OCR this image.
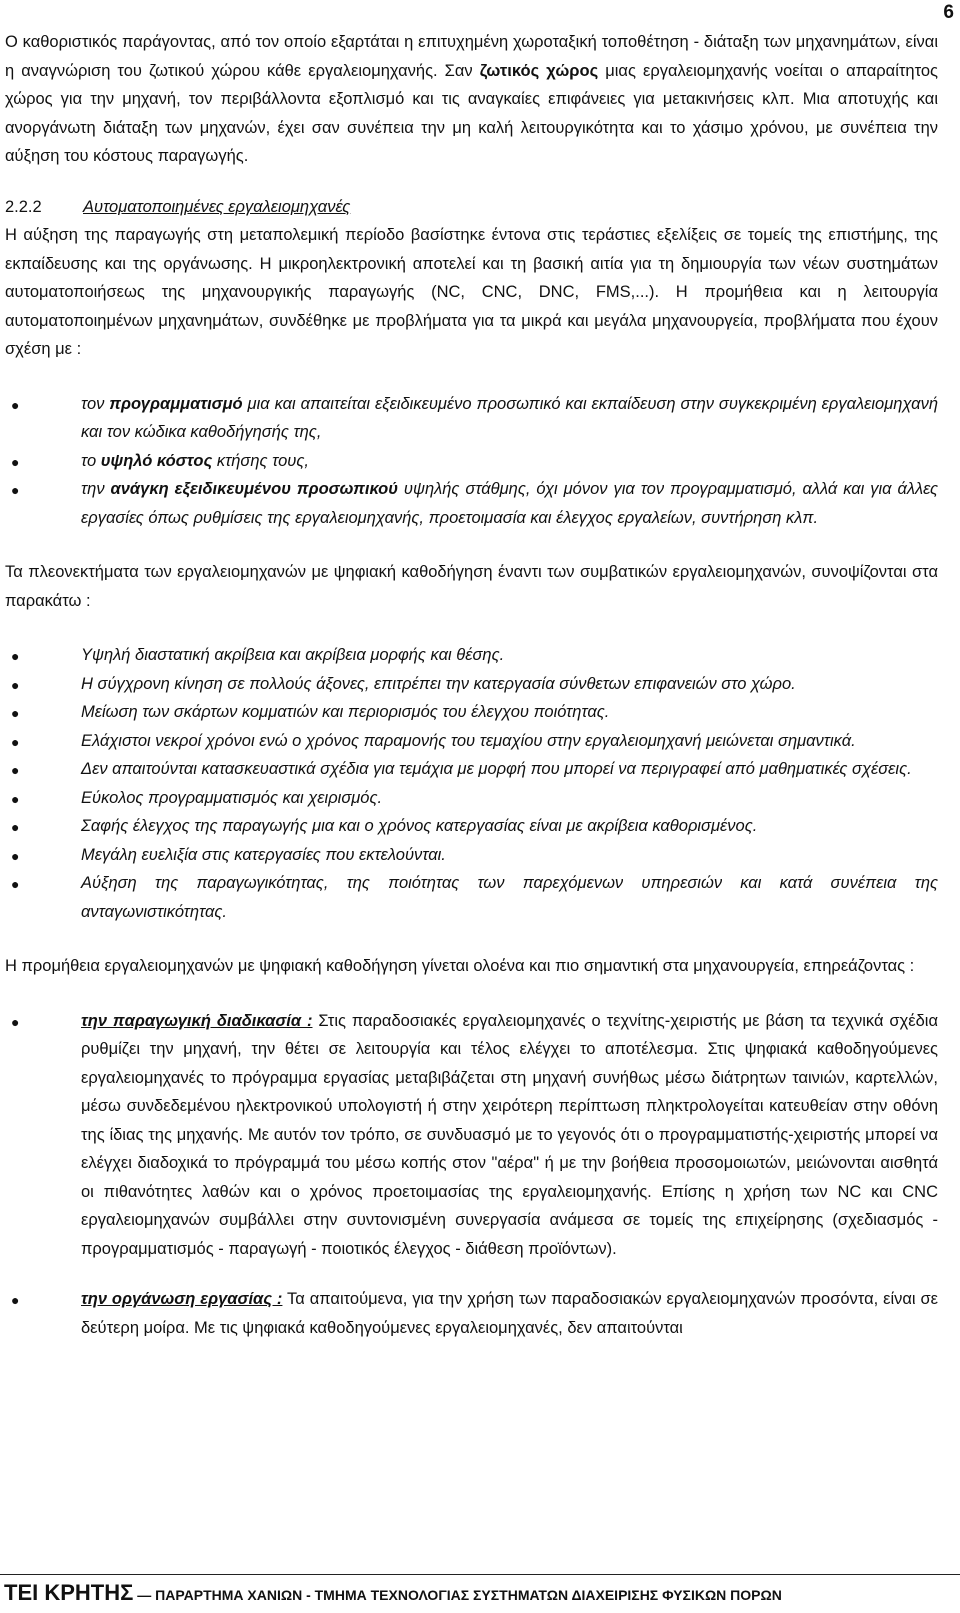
6

Ο καθοριστικός παράγοντας, από τον οποίο εξαρτάται η επιτυχημένη χωροταξική τοποθέτηση - διάταξη των μηχανημάτων, είναι η αναγνώριση του ζωτικού χώρου κάθε εργαλειομηχανής. Σαν ζωτικός χώρος μιας εργαλειομηχανής νοείται ο απαραίτητος χώρος για την μηχανή, τον περιβάλλοντα εξοπλισμό και τις αναγκαίες επιφάνειες για μετακινήσεις κλπ. Μια αποτυχής και ανοργάνωτη διάταξη των μηχανών, έχει σαν συνέπεια την μη καλή λειτουργικότητα και το χάσιμο χρόνου, με συνέπεια την αύξηση του κόστους παραγωγής.

2.2.2	Αυτοματοποιημένες εργαλειομηχανές

Η αύξηση της παραγωγής στη μεταπολεμική περίοδο βασίστηκε έντονα στις τεράστιες εξελίξεις σε τομείς της επιστήμης, της εκπαίδευσης και της οργάνωσης. Η μικροηλεκτρονική αποτελεί και τη βασική αιτία για τη δημιουργία των νέων συστημάτων αυτοματοποιήσεως της μηχανουργικής παραγωγής (NC, CNC, DNC, FMS,...). Η προμήθεια και η λειτουργία αυτοματοποιημένων μηχανημάτων, συνδέθηκε με προβλήματα για τα μικρά και μεγάλα μηχανουργεία, προβλήματα που έχουν σχέση με :

●	τον προγραμματισμό μια και απαιτείται εξειδικευμένο προσωπικό και εκπαίδευση στην συγκεκριμένη εργαλειομηχανή και τον κώδικα καθοδήγησής της,
●	το υψηλό κόστος κτήσης τους,
●	την ανάγκη εξειδικευμένου προσωπικού υψηλής στάθμης, όχι μόνον για τον προγραμματισμό, αλλά και για άλλες εργασίες όπως ρυθμίσεις της εργαλειομηχανής, προετοιμασία και έλεγχος εργαλείων, συντήρηση κλπ.

Τα πλεονεκτήματα των εργαλειομηχανών με ψηφιακή καθοδήγηση έναντι των συμβατικών εργαλειομηχανών, συνοψίζονται στα παρακάτω :

●	Υψηλή διαστατική ακρίβεια και ακρίβεια μορφής και θέσης.
●	Η σύγχρονη κίνηση σε πολλούς άξονες, επιτρέπει την κατεργασία σύνθετων επιφανειών στο χώρο.
●	Μείωση των σκάρτων κομματιών και περιορισμός του έλεγχου ποιότητας.
●	Ελάχιστοι νεκροί χρόνοι ενώ ο χρόνος παραμονής του τεμαχίου στην εργαλειομηχανή μειώνεται σημαντικά.
●	Δεν απαιτούνται κατασκευαστικά σχέδια για τεμάχια με μορφή που μπορεί να περιγραφεί από μαθηματικές σχέσεις.
●	Εύκολος προγραμματισμός και χειρισμός.
●	Σαφής έλεγχος της παραγωγής μια και ο χρόνος κατεργασίας είναι με ακρίβεια καθορισμένος.
●	Μεγάλη ευελιξία στις κατεργασίες που εκτελούνται.
●	Αύξηση της παραγωγικότητας, της ποιότητας των παρεχόμενων υπηρεσιών και κατά συνέπεια της ανταγωνιστικότητας.

Η προμήθεια εργαλειομηχανών με ψηφιακή καθοδήγηση γίνεται ολοένα και πιο σημαντική στα μηχανουργεία, επηρεάζοντας :

●	την παραγωγική διαδικασία : Στις παραδοσιακές εργαλειομηχανές ο τεχνίτης-χειριστής με βάση τα τεχνικά σχέδια ρυθμίζει την μηχανή, την θέτει σε λειτουργία και τέλος ελέγχει το αποτέλεσμα. Στις ψηφιακά καθοδηγούμενες εργαλειομηχανές το πρόγραμμα εργασίας μεταβιβάζεται στη μηχανή συνήθως μέσω διάτρητων ταινιών, καρτελλών, μέσω συνδεδεμένου ηλεκτρονικού υπολογιστή ή στην χειρότερη περίπτωση πληκτρολογείται κατευθείαν στην οθόνη της ίδιας της μηχανής. Με αυτόν τον τρόπο, σε συνδυασμό με το γεγονός ότι ο προγραμματιστής-χειριστής μπορεί να ελέγχει διαδοχικά το πρόγραμμά του μέσω κοπής στον "αέρα" ή με την βοήθεια προσομοιωτών, μειώνονται αισθητά οι πιθανότητες λαθών και ο χρόνος προετοιμασίας της εργαλειομηχανής. Επίσης η χρήση των NC και CNC εργαλειομηχανών συμβάλλει στην συντονισμένη συνεργασία ανάμεσα σε τομείς της επιχείρησης (σχεδιασμός - προγραμματισμός - παραγωγή - ποιοτικός έλεγχος - διάθεση προϊόντων).
●	την οργάνωση εργασίας : Τα απαιτούμενα, για την χρήση των παραδοσιακών εργαλειομηχανών προσόντα, είναι σε δεύτερη μοίρα. Με τις ψηφιακά καθοδηγούμενες εργαλειομηχανές, δεν απαιτούνται
ΤΕΙ ΚΡΗΤΗΣ — ΠΑΡΑΡΤΗΜΑ ΧΑΝΙΩΝ - ΤΜΗΜΑ ΤΕΧΝΟΛΟΓΙΑΣ ΣΥΣΤΗΜΑΤΩΝ ΔΙΑΧΕΙΡΙΣΗΣ ΦΥΣΙΚΩΝ ΠΟΡΩΝ
